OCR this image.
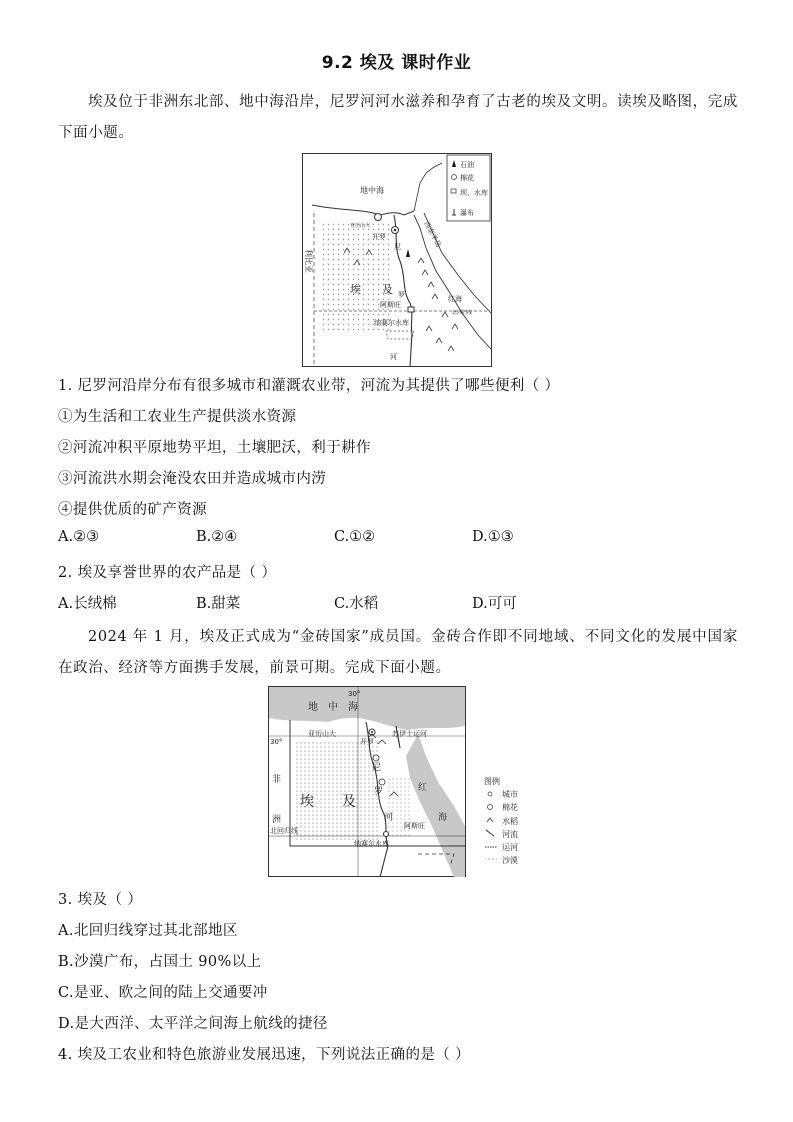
9.2 埃及 课时作业
埃及位于非洲东北部、地中海沿岸，尼罗河河水滋养和孕育了古老的埃及文明。读埃及略图，完成下面小题。
石油
棉花
坝、水库
瀑布
地中海
亚历山大
开罗
尼
罗
河
埃 及
阿斯旺
纳赛尔水库
红海
北回归线
西奈半岛
利比亚
1. 尼罗河沿岸分布有很多城市和灌溉农业带，河流为其提供了哪些便利（ ）
①为生活和工农业生产提供淡水资源
②河流冲积平原地势平坦，土壤肥沃，利于耕作
③河流洪水期会淹没农田并造成城市内涝
④提供优质的矿产资源
A.②③	B.②④	C.①②	D.①③
2. 埃及享誉世界的农产品是（ ）
A.长绒棉	B.甜菜	C.水稻	D.可可
2024 年 1 月，埃及正式成为“金砖国家”成员国。金砖合作即不同地域、不同文化的发展中国家在政治、经济等方面携手发展，前景可期。完成下面小题。
图例
城市
棉花
水稻
河流
运河
沙漠
地 中 海
30°
30°
亚历山大	苏伊士运河
开罗
尼
罗
河
非
洲
埃 及
红
海
阿斯旺
北回归线
纳赛尔水库
3. 埃及（ ）
A.北回归线穿过其北部地区
B.沙漠广布，占国土 90%以上
C.是亚、欧之间的陆上交通要冲
D.是大西洋、太平洋之间海上航线的捷径
4. 埃及工农业和特色旅游业发展迅速，下列说法正确的是（ ）
